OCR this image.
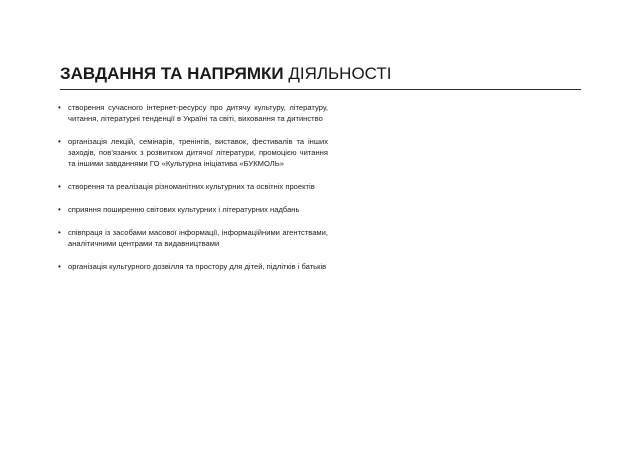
ЗАВДАННЯ ТА НАПРЯМКИ ДІЯЛЬНОСТІ
• створення сучасного інтернет-ресурсу про дитячу культуру, літературу, читання, літературні тенденції в Україні та світі, виховання та дитинство
• організація лекцій, семінарів, тренінгів, виставок, фестивалів та інших заходів, пов’язаних з розвитком дитячої літератури, промоцією читання та іншими завданнями ГО «Культурна ініціатива «БУКМОЛЬ»
• створення та реалізація різноманітних культурних та освітніх проектів
• сприяння поширенню світових культурних і літературних надбань
• співпраця із засобами масової інформації, інформаційними агентствами, аналітичними центрами та видавництвами
• організація культурного дозвілля та простору для дітей, підлітків і батьків
